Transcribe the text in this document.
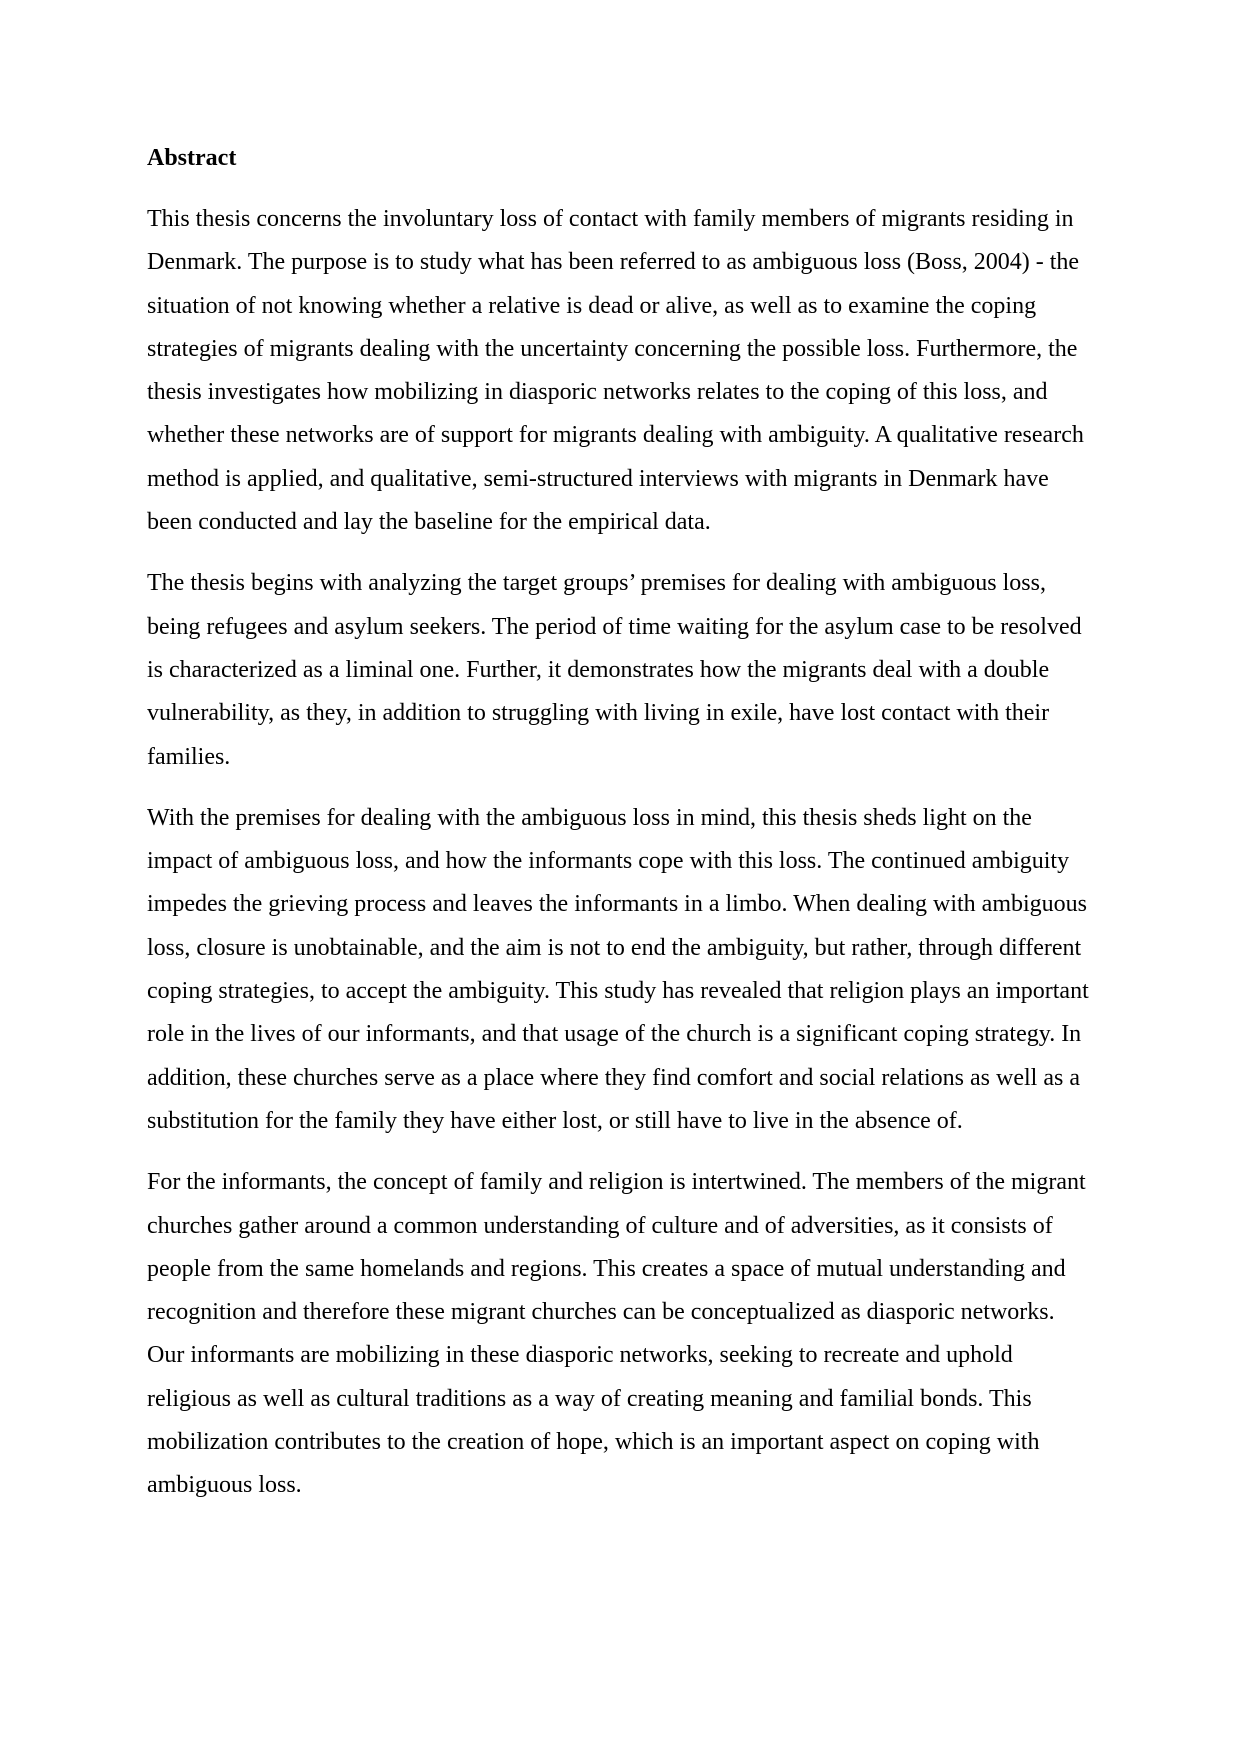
Abstract

This thesis concerns the involuntary loss of contact with family members of migrants residing in Denmark. The purpose is to study what has been referred to as ambiguous loss (Boss, 2004) - the situation of not knowing whether a relative is dead or alive, as well as to examine the coping strategies of migrants dealing with the uncertainty concerning the possible loss. Furthermore, the thesis investigates how mobilizing in diasporic networks relates to the coping of this loss, and whether these networks are of support for migrants dealing with ambiguity. A qualitative research method is applied, and qualitative, semi-structured interviews with migrants in Denmark have been conducted and lay the baseline for the empirical data.

The thesis begins with analyzing the target groups’ premises for dealing with ambiguous loss, being refugees and asylum seekers. The period of time waiting for the asylum case to be resolved is characterized as a liminal one. Further, it demonstrates how the migrants deal with a double vulnerability, as they, in addition to struggling with living in exile, have lost contact with their families.

With the premises for dealing with the ambiguous loss in mind, this thesis sheds light on the impact of ambiguous loss, and how the informants cope with this loss. The continued ambiguity impedes the grieving process and leaves the informants in a limbo. When dealing with ambiguous loss, closure is unobtainable, and the aim is not to end the ambiguity, but rather, through different coping strategies, to accept the ambiguity. This study has revealed that religion plays an important role in the lives of our informants, and that usage of the church is a significant coping strategy. In addition, these churches serve as a place where they find comfort and social relations as well as a substitution for the family they have either lost, or still have to live in the absence of.

For the informants, the concept of family and religion is intertwined. The members of the migrant churches gather around a common understanding of culture and of adversities, as it consists of people from the same homelands and regions. This creates a space of mutual understanding and recognition and therefore these migrant churches can be conceptualized as diasporic networks. Our informants are mobilizing in these diasporic networks, seeking to recreate and uphold religious as well as cultural traditions as a way of creating meaning and familial bonds. This mobilization contributes to the creation of hope, which is an important aspect on coping with ambiguous loss.
